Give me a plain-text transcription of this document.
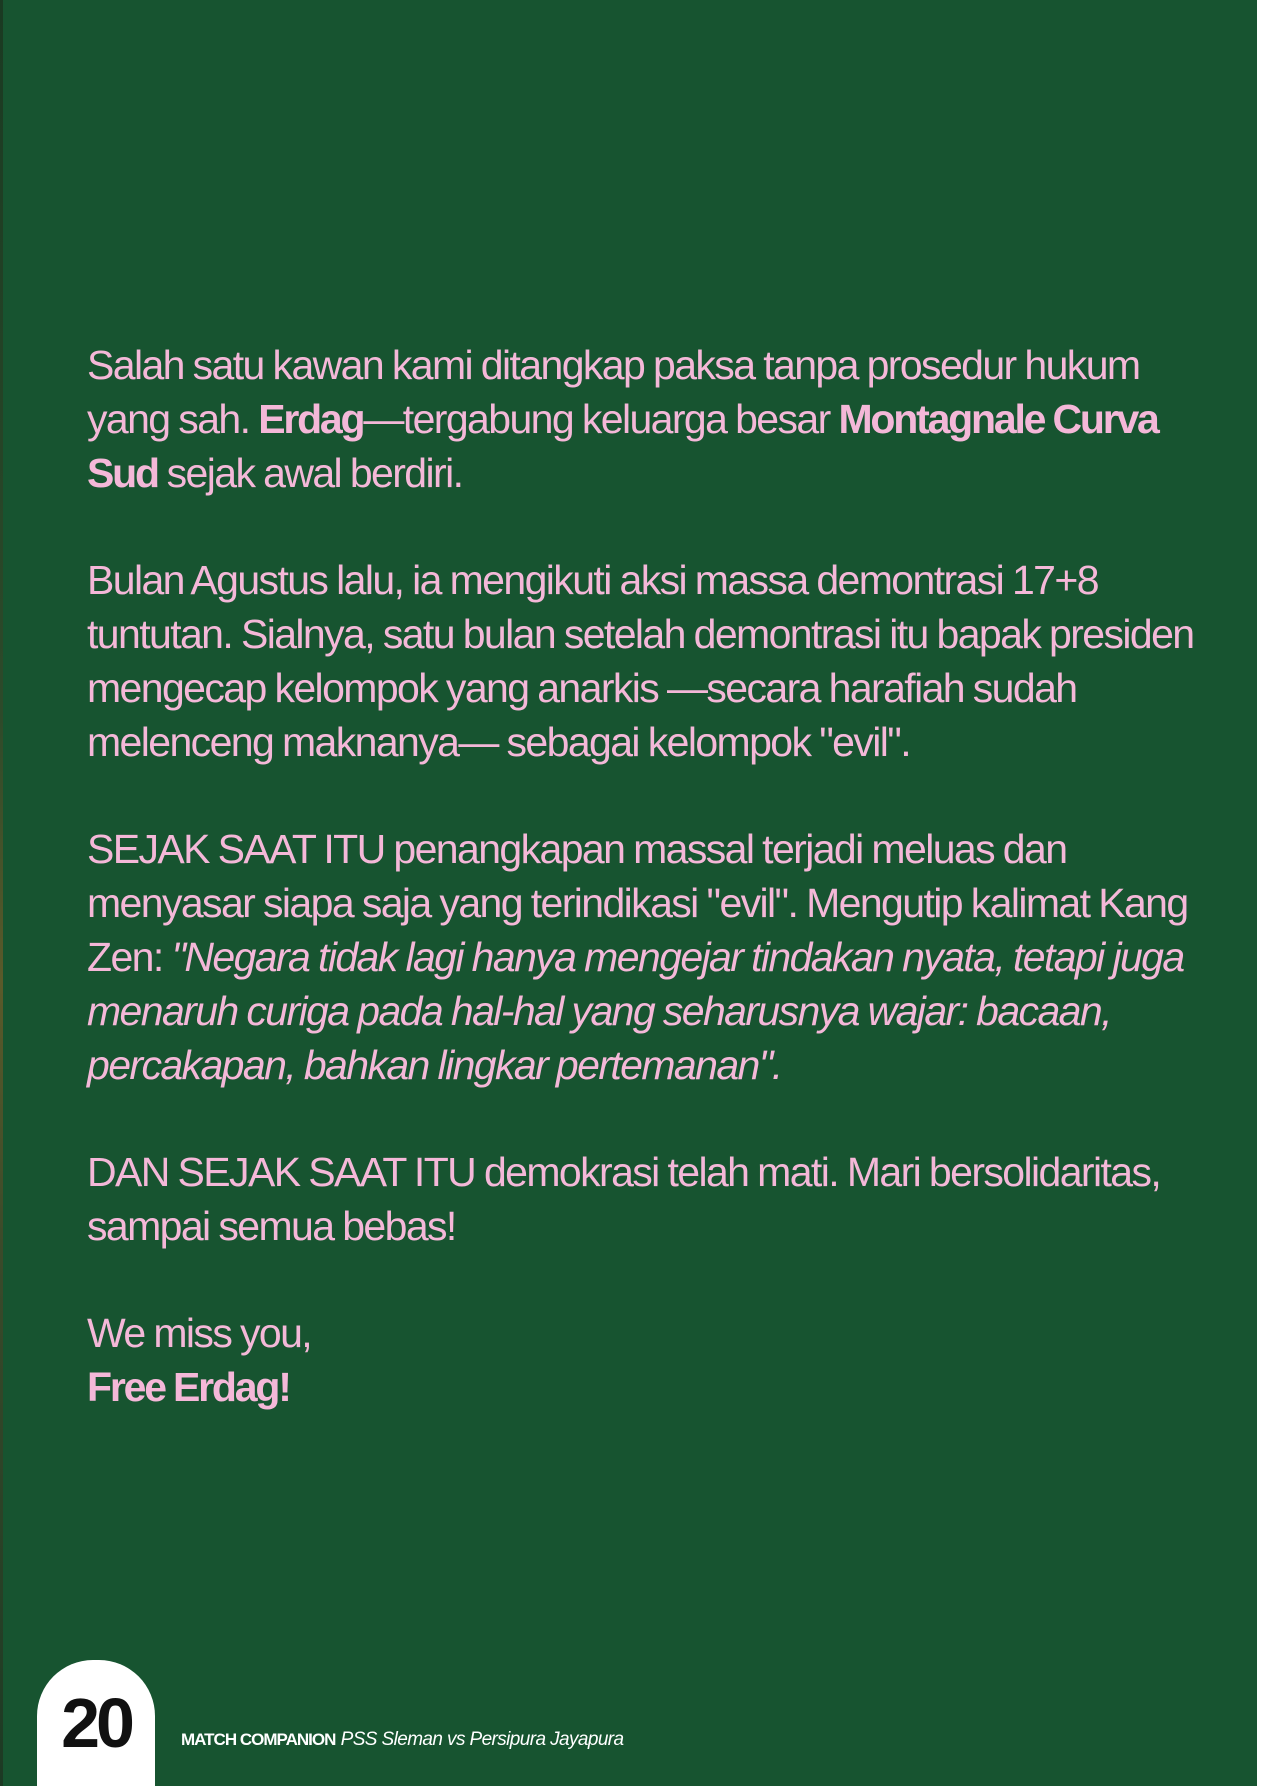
Salah satu kawan kami ditangkap paksa tanpa prosedur hukum yang sah. Erdag—tergabung keluarga besar Montagnale Curva Sud sejak awal berdiri.

Bulan Agustus lalu, ia mengikuti aksi massa demontrasi 17+8 tuntutan. Sialnya, satu bulan setelah demontrasi itu bapak presiden mengecap kelompok yang anarkis —secara harafiah sudah melenceng maknanya— sebagai kelompok "evil".

SEJAK SAAT ITU penangkapan massal terjadi meluas dan menyasar siapa saja yang terindikasi "evil". Mengutip kalimat Kang Zen: "Negara tidak lagi hanya mengejar tindakan nyata, tetapi juga menaruh curiga pada hal-hal yang seharusnya wajar: bacaan, percakapan, bahkan lingkar pertemanan".

DAN SEJAK SAAT ITU demokrasi telah mati. Mari bersolidaritas, sampai semua bebas!

We miss you,
Free Erdag!

20	MATCH COMPANION PSS Sleman vs Persipura Jayapura
